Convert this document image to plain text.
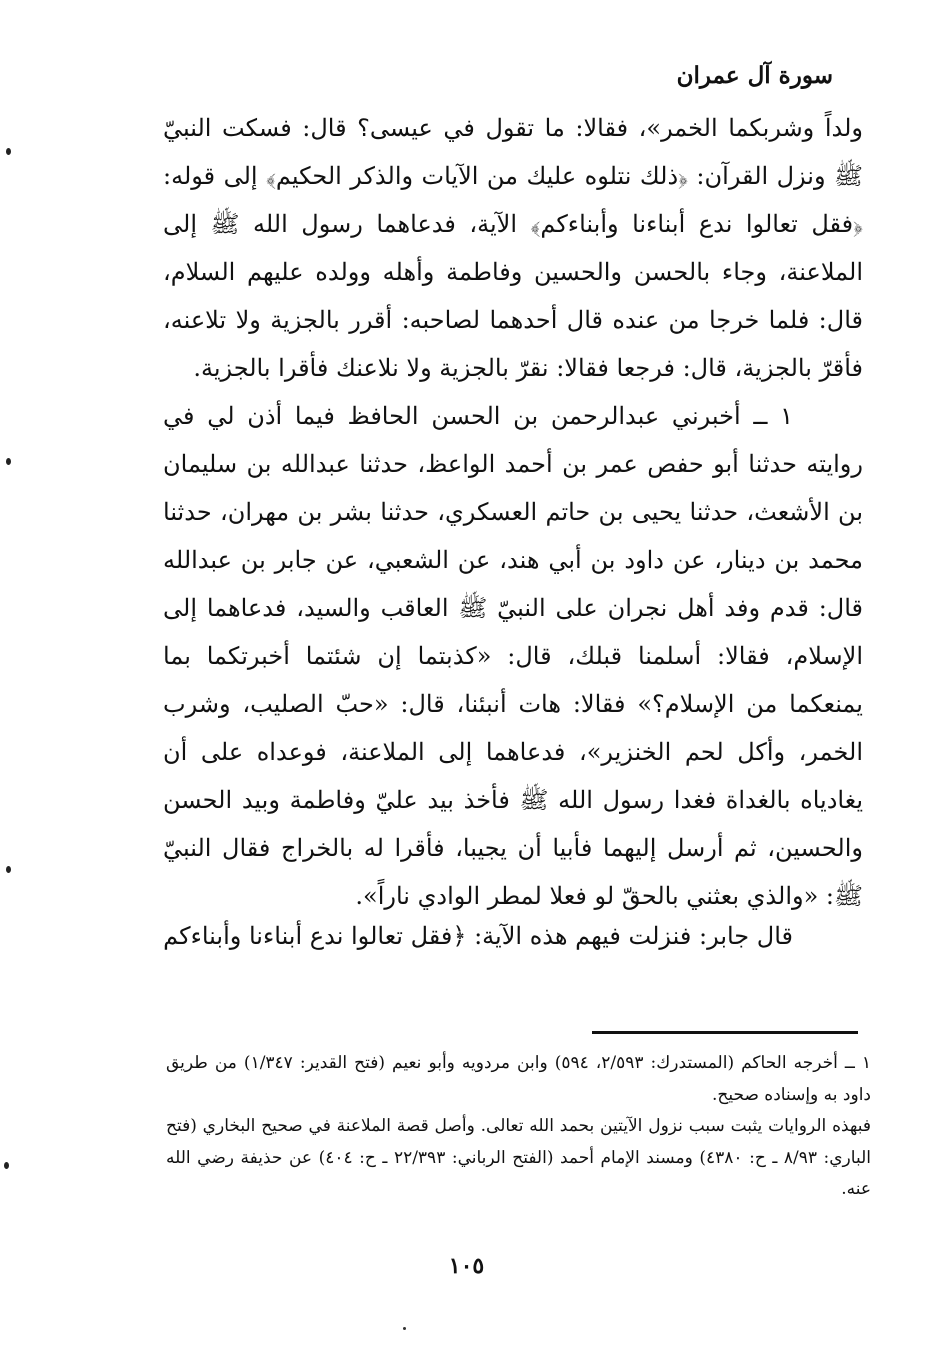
سورة آل عمران

ولداً وشربكما الخمر»، فقالا: ما تقول في عيسى؟ قال: فسكت النبيّ ﷺ ونزل القرآن: ﴿ذلك نتلوه عليك من الآيات والذكر الحكيم﴾ إلى قوله: ﴿فقل تعالوا ندع أبناءنا وأبناءكم﴾ الآية، فدعاهما رسول الله ﷺ إلى الملاعنة، وجاء بالحسن والحسين وفاطمة وأهله وولده عليهم السلام، قال: فلما خرجا من عنده قال أحدهما لصاحبه: أقرر بالجزية ولا تلاعنه، فأقرّ بالجزية، قال: فرجعا فقالا: نقرّ بالجزية ولا نلاعنك فأقرا بالجزية.

١ ــ أخبرني عبدالرحمن بن الحسن الحافظ فيما أذن لي في روايته حدثنا أبو حفص عمر بن أحمد الواعظ، حدثنا عبدالله بن سليمان بن الأشعث، حدثنا يحيى بن حاتم العسكري، حدثنا بشر بن مهران، حدثنا محمد بن دينار، عن داود بن أبي هند، عن الشعبي، عن جابر بن عبدالله قال: قدم وفد أهل نجران على النبيّ ﷺ العاقب والسيد، فدعاهما إلى الإسلام، فقالا: أسلمنا قبلك، قال: «كذبتما إن شئتما أخبرتكما بما يمنعكما من الإسلام؟» فقالا: هات أنبئنا، قال: «حبّ الصليب، وشرب الخمر، وأكل لحم الخنزير»، فدعاهما إلى الملاعنة، فوعداه على أن يغادياه بالغداة فغدا رسول الله ﷺ فأخذ بيد عليّ وفاطمة وبيد الحسن والحسين، ثم أرسل إليهما فأبيا أن يجيبا، فأقرا له بالخراج فقال النبيّ ﷺ: «والذي بعثني بالحقّ لو فعلا لمطر الوادي ناراً».

قال جابر: فنزلت فيهم هذه الآية: ﴿فقل تعالوا ندع أبناءنا وأبناءكم

١ ــ أخرجه الحاكم (المستدرك: ٢/٥٩٣، ٥٩٤) وابن مردويه وأبو نعيم (فتح القدير: ١/٣٤٧) من طريق داود به وإسناده صحيح.

فبهذه الروايات يثبت سبب نزول الآيتين بحمد الله تعالى. وأصل قصة الملاعنة في صحيح البخاري (فتح الباري: ٨/٩٣ ـ ح: ٤٣٨٠) ومسند الإمام أحمد (الفتح الرباني: ٢٢/٣٩٣ ـ ح: ٤٠٤) عن حذيفة رضي الله عنه.

١٠٥
